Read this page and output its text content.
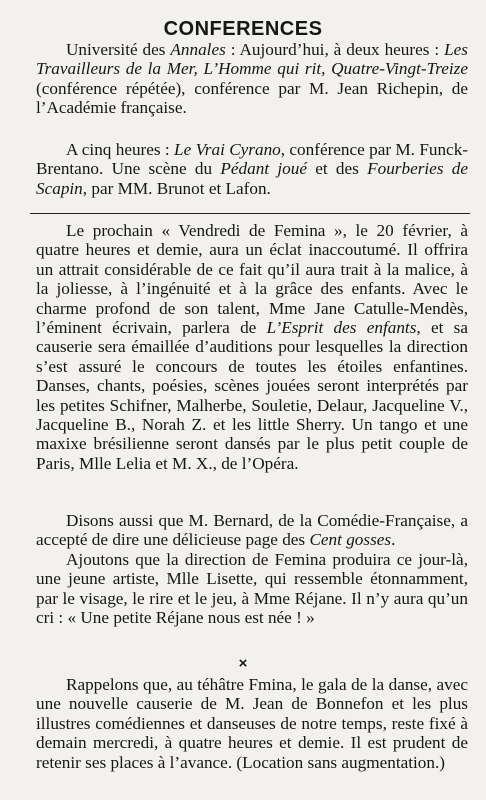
CONFERENCES
Université des Annales : Aujourd’hui, à deux heures : Les Travailleurs de la Mer, L’Homme qui rit, Quatre-Vingt-Treize (conférence répétée), conférence par M. Jean Richepin, de l’Académie française.
A cinq heures : Le Vrai Cyrano, conférence par M. Funck-Brentano. Une scène du Pédant joué et des Fourberies de Scapin, par MM. Brunot et Lafon.
Le prochain « Vendredi de Femina », le 20 février, à quatre heures et demie, aura un éclat inaccoutumé. Il offrira un attrait considérable de ce fait qu’il aura trait à la malice, à la joliesse, à l’ingénuité et à la grâce des enfants. Avec le charme profond de son talent, Mme Jane Catulle-Mendès, l’éminent écrivain, parlera de L’Esprit des enfants, et sa causerie sera émaillée d’auditions pour lesquelles la direction s’est assuré le concours de toutes les étoiles enfantines. Danses, chants, poésies, scènes jouées seront interprétés par les petites Schifner, Malherbe, Souletie, Delaur, Jacqueline V., Jacqueline B., Norah Z. et les little Sherry. Un tango et une maxixe brésilienne seront dansés par le plus petit couple de Paris, Mlle Lelia et M. X., de l’Opéra.
Disons aussi que M. Bernard, de la Comédie-Française, a accepté de dire une délicieuse page des Cent gosses.
Ajoutons que la direction de Femina produira ce jour-là, une jeune artiste, Mlle Lisette, qui ressemble étonnamment, par le visage, le rire et le jeu, à Mme Réjane. Il n’y aura qu’un cri : « Une petite Réjane nous est née ! »
×
Rappelons que, au téhâtre Fmina, le gala de la danse, avec une nouvelle causerie de M. Jean de Bonnefon et les plus illustres comédiennes et danseuses de notre temps, reste fixé à demain mercredi, à quatre heures et demie. Il est prudent de retenir ses places à l’avance. (Location sans augmentation.)
